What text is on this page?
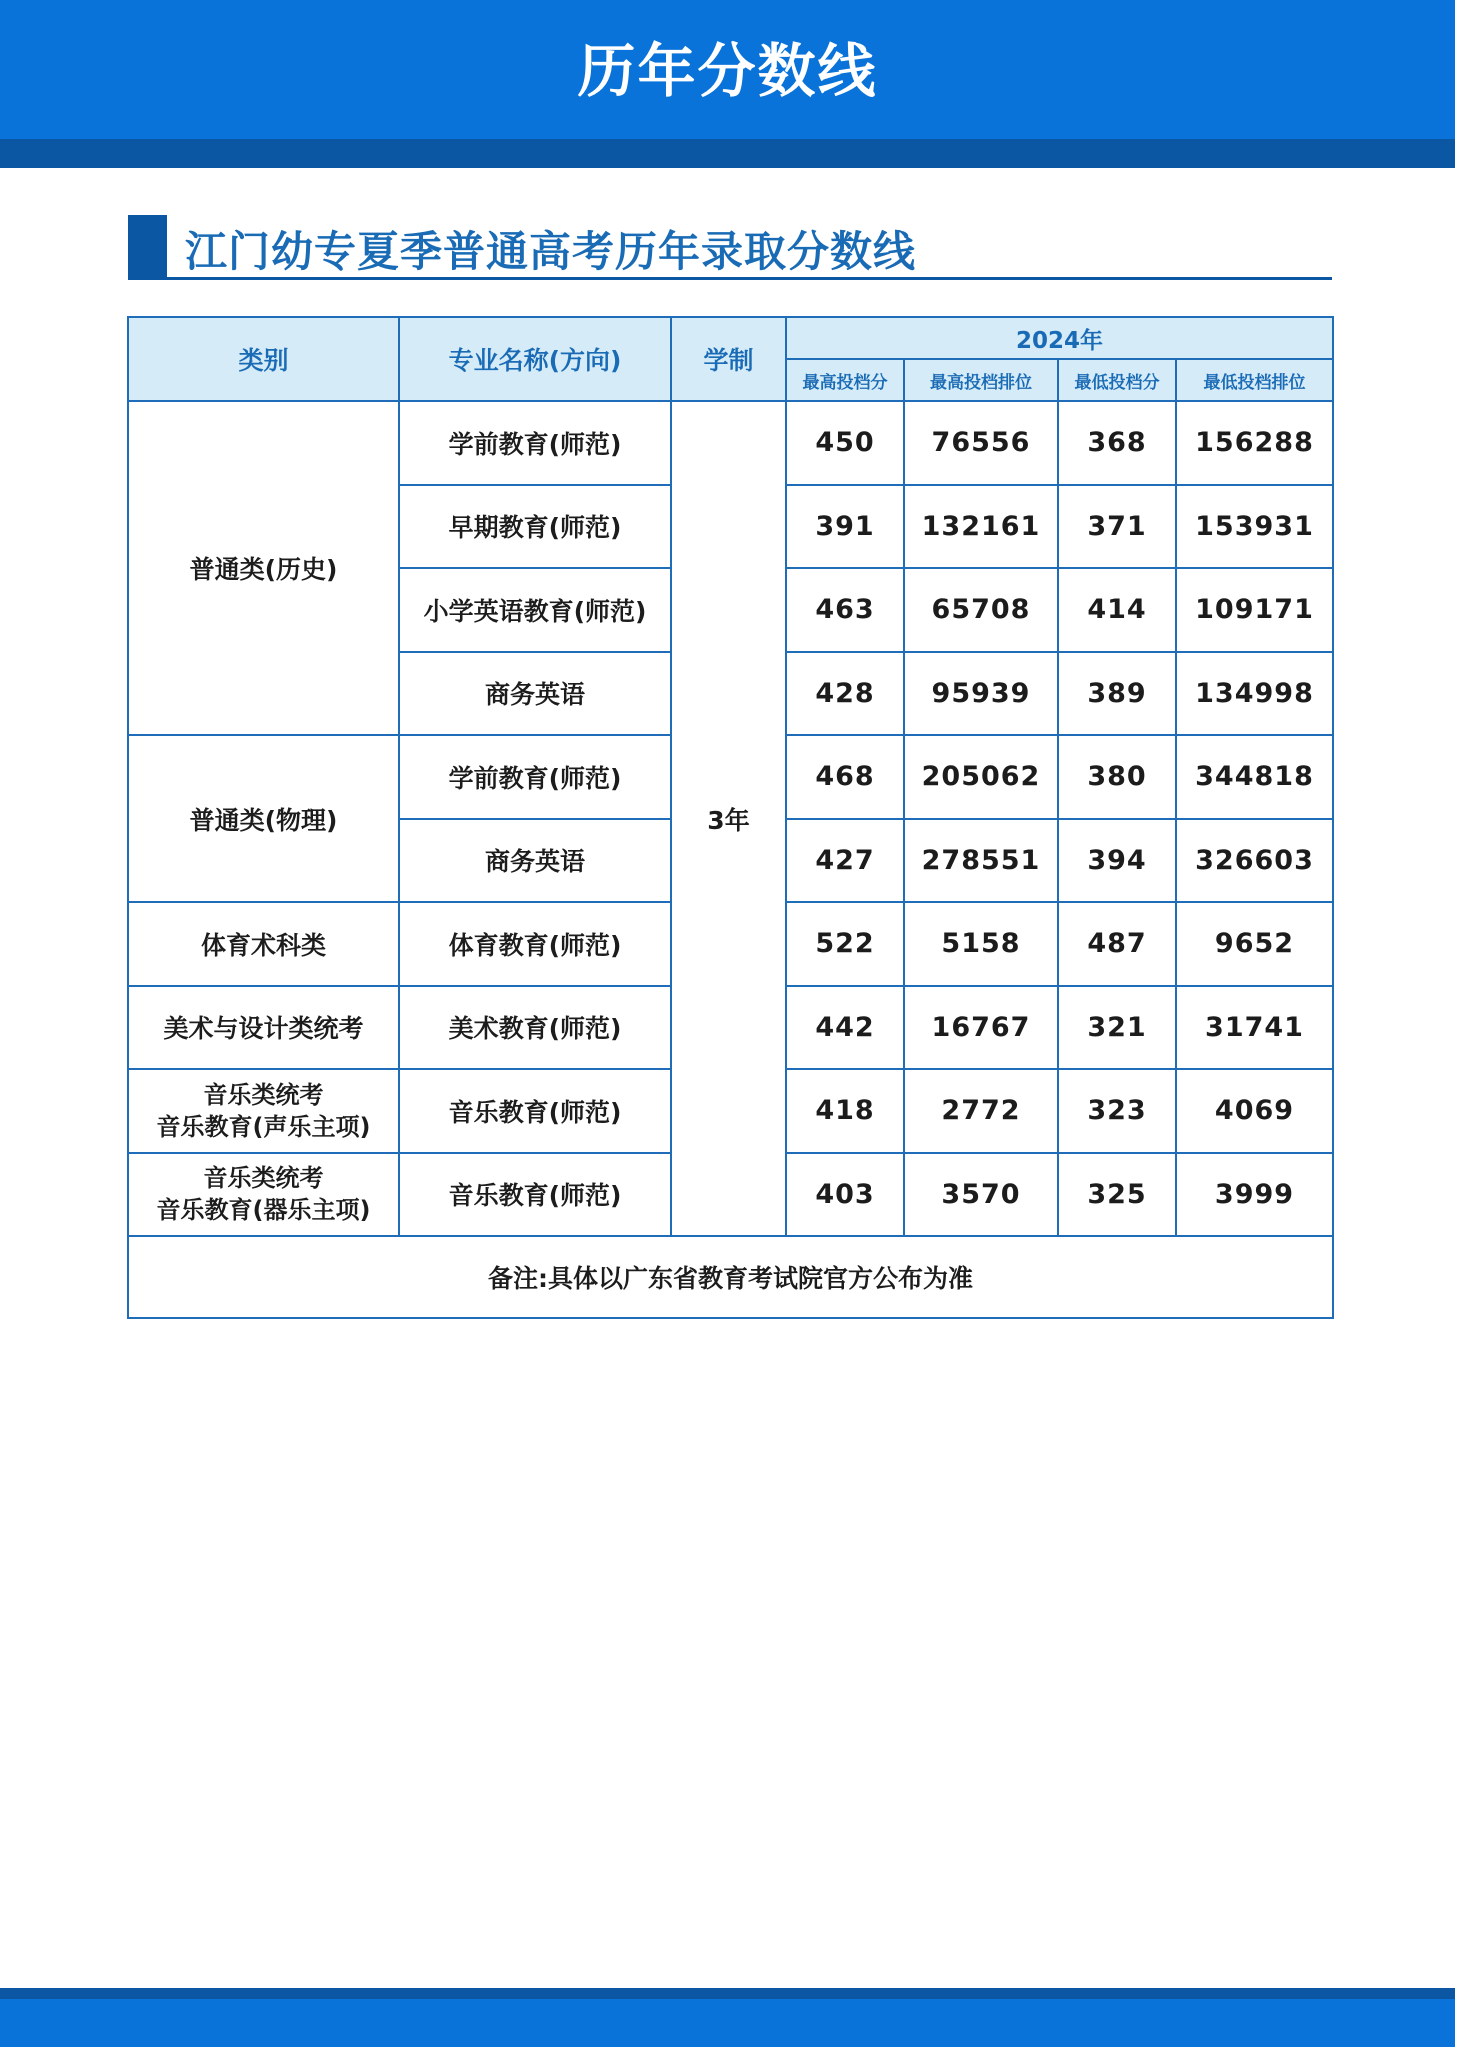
历年分数线
江门幼专夏季普通高考历年录取分数线
类别	专业名称(方向)	学制	2024年			
			最高投档分	最高投档排位	最低投档分	最低投档排位
普通类(历史)	学前教育(师范)	3年	450	76556	368	156288
	早期教育(师范)		391	132161	371	153931
	小学英语教育(师范)		463	65708	414	109171
	商务英语		428	95939	389	134998
普通类(物理)	学前教育(师范)		468	205062	380	344818
	商务英语		427	278551	394	326603
体育术科类	体育教育(师范)		522	5158	487	9652
美术与设计类统考	美术教育(师范)		442	16767	321	31741

音乐类统考
音乐教育(声乐主项)	音乐教育(师范)		418	2772	323	4069

音乐类统考
音乐教育(器乐主项)	音乐教育(师范)		403	3570	325	3999
备注:具体以广东省教育考试院官方公布为准						
